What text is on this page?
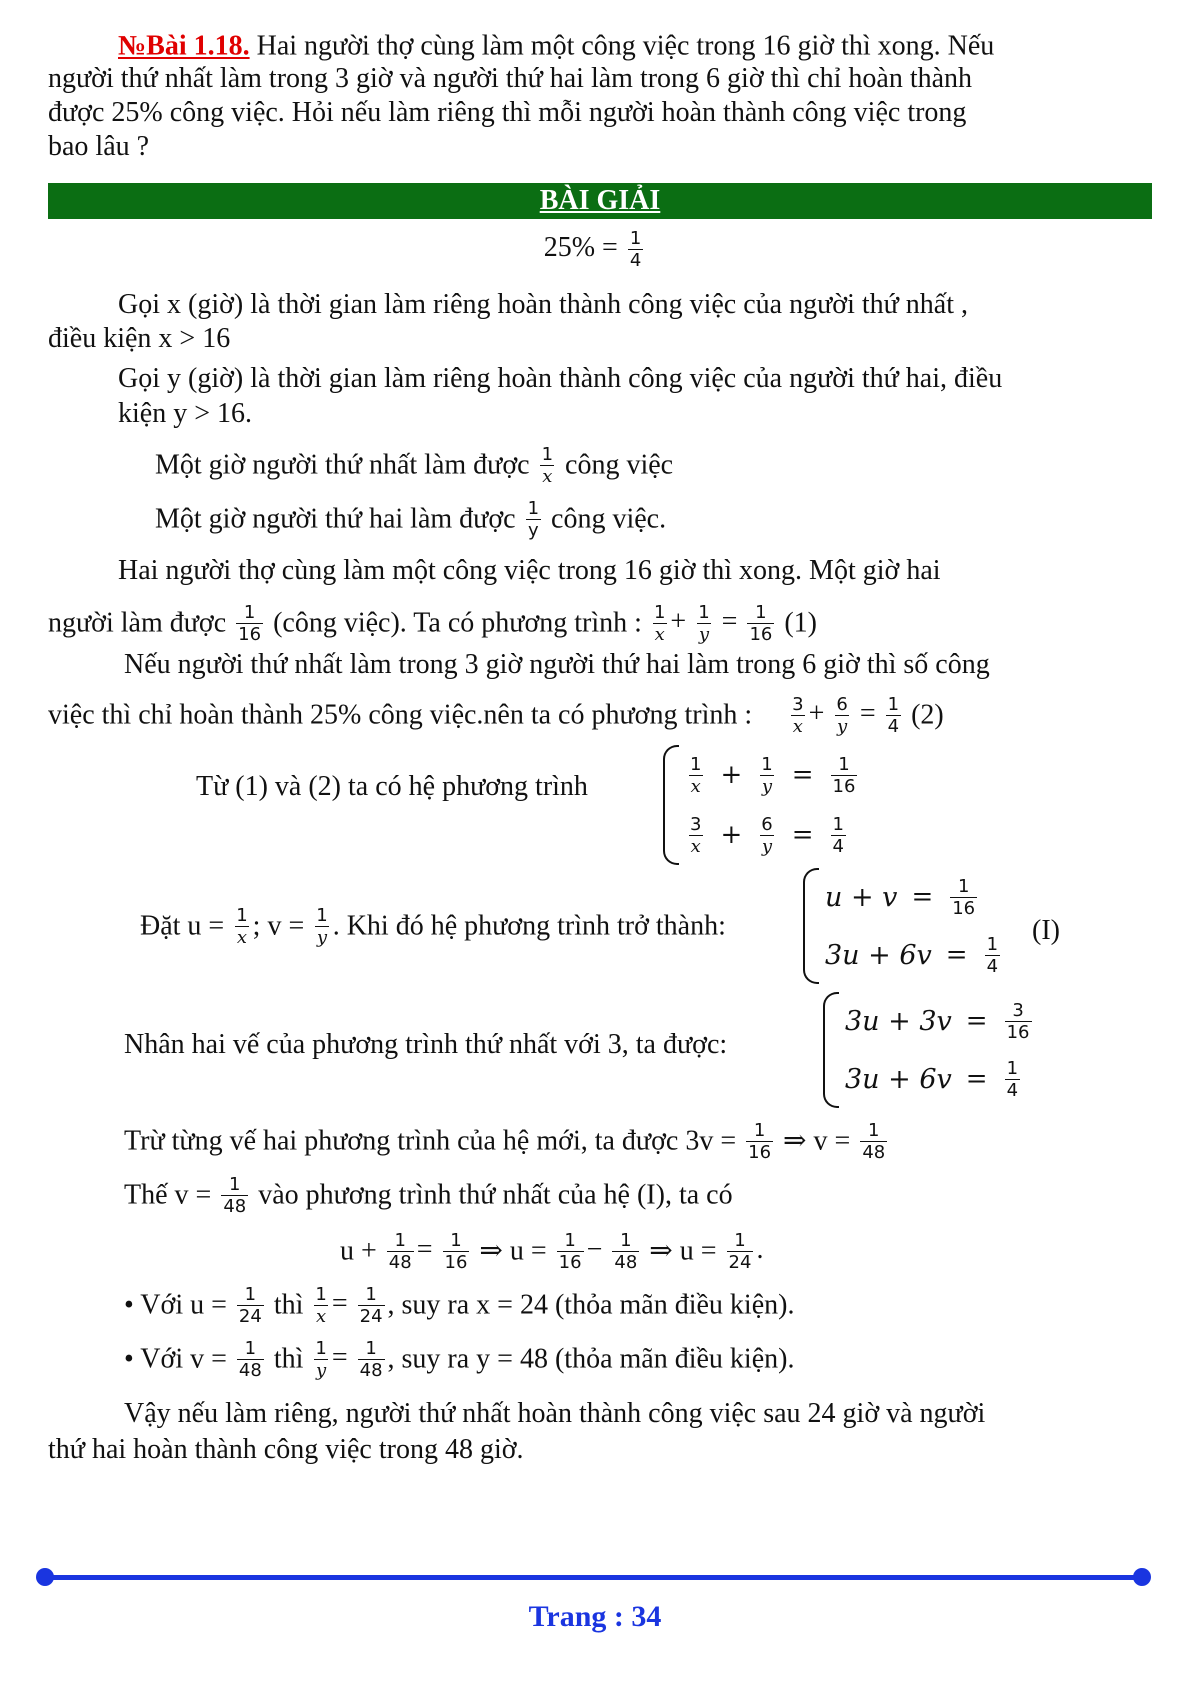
№Bài 1.18. Hai người thợ cùng làm một công việc trong 16 giờ thì xong. Nếu
người thứ nhất làm trong 3 giờ và người thứ hai làm trong 6 giờ thì chỉ hoàn thành
được 25% công việc. Hỏi nếu làm riêng thì mỗi người hoàn thành công việc trong
bao lâu ?
BÀI GIẢI
$25\% = \frac{1}{4}$
Gọi x (giờ) là thời gian làm riêng hoàn thành công việc của người thứ nhất ,
điều kiện x > 16
Gọi y (giờ) là thời gian làm riêng hoàn thành công việc của người thứ hai, điều
kiện y > 16.
Một giờ người thứ nhất làm được $\frac{1}{x}$ công việc
Một giờ người thứ hai làm được $\frac{1}{y}$ công việc.
Hai người thợ cùng làm một công việc trong 16 giờ thì xong. Một giờ hai
người làm được $\frac{1}{16}$ (công việc). Ta có phương trình : $\frac{1}{x} + \frac{1}{y} = \frac{1}{16} (1)$
Nếu người thứ nhất làm trong 3 giờ người thứ hai làm trong 6 giờ thì số công
việc thì chỉ hoàn thành 25% công việc.nên ta có phương trình : $\frac{3}{x} + \frac{6}{y} = \frac{1}{4} (2)$
Từ (1) và (2) ta có hệ phương trình	$\frac{1}{x} + \frac{1}{y} = \frac{1}{16}$
$\frac{3}{x} + \frac{6}{y} = \frac{1}{4}$
Đặt $u = \frac{1}{x}$ ; $v = \frac{1}{y}$ . Khi đó hệ phương trình trở thành:
$u + v = \frac{1}{16}$
$3u + 6v = \frac{1}{4}$
(I)
Nhân hai vế của phương trình thứ nhất với 3, ta được:
$3u + 3v = \frac{3}{16}$
$3u + 6v = \frac{1}{4}$
Trừ từng vế hai phương trình của hệ mới, ta được $3v = \frac{1}{16}$ ⇒ $v = \frac{1}{48}$
Thế $v = \frac{1}{48}$ vào phương trình thứ nhất của hệ (I), ta có
$u + \frac{1}{48} = \frac{1}{16}$ ⇒ $u = \frac{1}{16} - \frac{1}{48}$ ⇒ $u = \frac{1}{24}$ .
• Với $u = \frac{1}{24}$ thì $\frac{1}{x} = \frac{1}{24}$ , suy ra x = 24 (thỏa mãn điều kiện).
• Với $v = \frac{1}{48}$ thì $\frac{1}{y} = \frac{1}{48}$ , suy ra y = 48 (thỏa mãn điều kiện).
Vậy nếu làm riêng, người thứ nhất hoàn thành công việc sau 24 giờ và người
thứ hai hoàn thành công việc trong 48 giờ.
Trang : 34
